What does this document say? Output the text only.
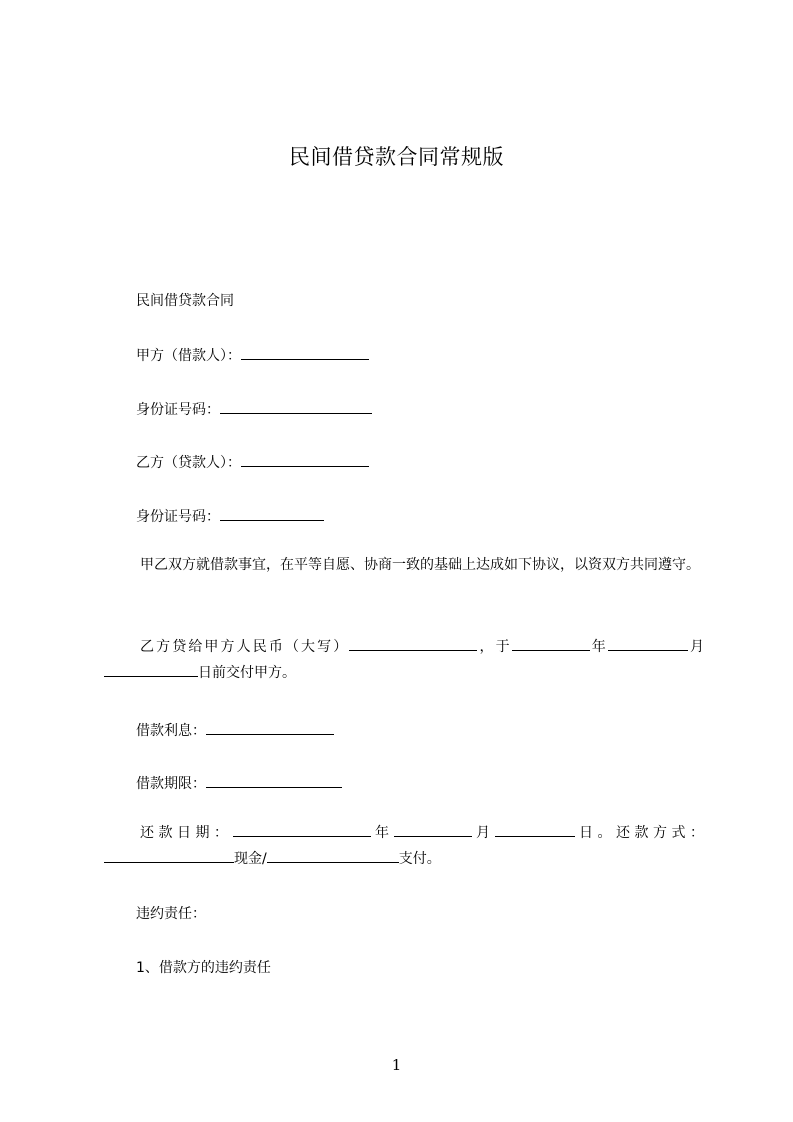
民间借贷款合同常规版
民间借贷款合同
甲方（借款人）：
身份证号码：
乙方（贷款人）：
身份证号码：
甲乙双方就借款事宜，在平等自愿、协商一致的基础上达成如下协议，以资双方共同遵守。
乙方贷给甲方人民币（大写）	，于	年	月日前交付甲方。
借款利息：
借款期限：
还款日期：	年	月	日。还款方式：现金/	支付。
违约责任：
1、借款方的违约责任
1
